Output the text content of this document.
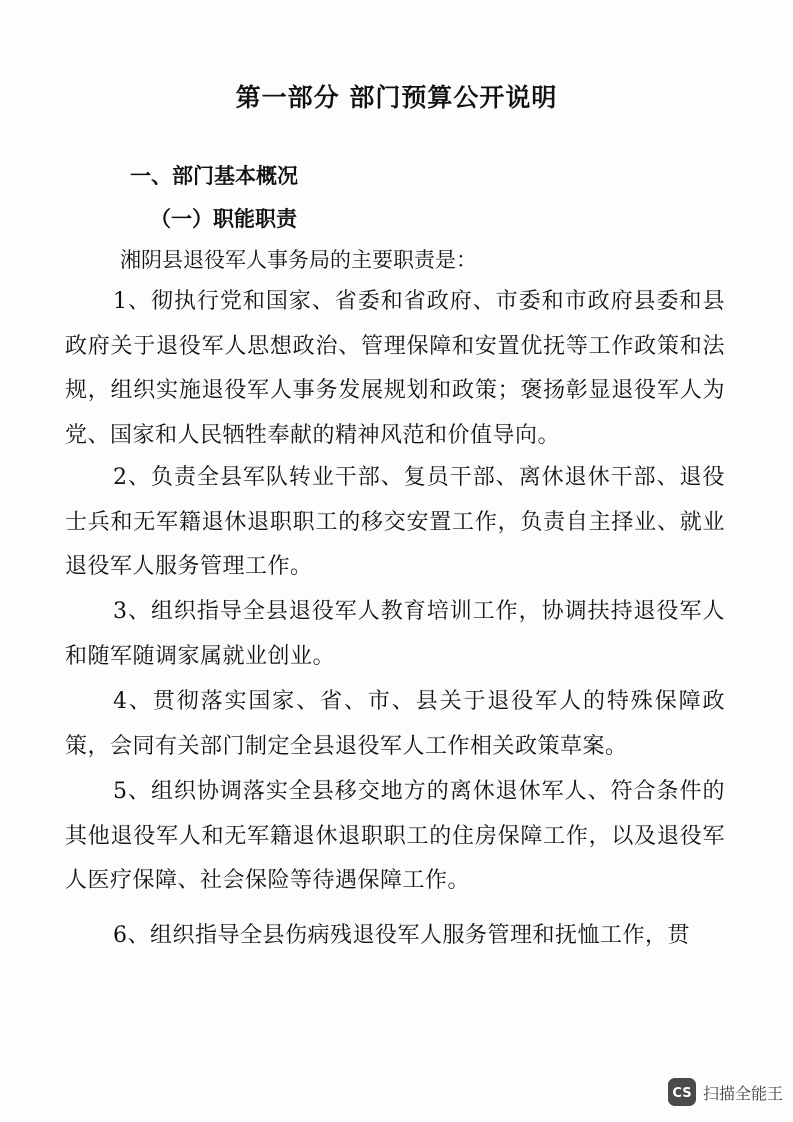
第一部分 部门预算公开说明
一、部门基本概况
（一）职能职责
湘阴县退役军人事务局的主要职责是：
1、彻执行党和国家、省委和省政府、市委和市政府县委和县政府关于退役军人思想政治、管理保障和安置优抚等工作政策和法规，组织实施退役军人事务发展规划和政策；褒扬彰显退役军人为党、国家和人民牺牲奉献的精神风范和价值导向。
2、负责全县军队转业干部、复员干部、离休退休干部、退役士兵和无军籍退休退职职工的移交安置工作，负责自主择业、就业退役军人服务管理工作。
3、组织指导全县退役军人教育培训工作，协调扶持退役军人和随军随调家属就业创业。
4、贯彻落实国家、省、市、县关于退役军人的特殊保障政策，会同有关部门制定全县退役军人工作相关政策草案。
5、组织协调落实全县移交地方的离休退休军人、符合条件的其他退役军人和无军籍退休退职职工的住房保障工作，以及退役军人医疗保障、社会保险等待遇保障工作。
6、组织指导全县伤病残退役军人服务管理和抚恤工作，贯
CS 扫描全能王
